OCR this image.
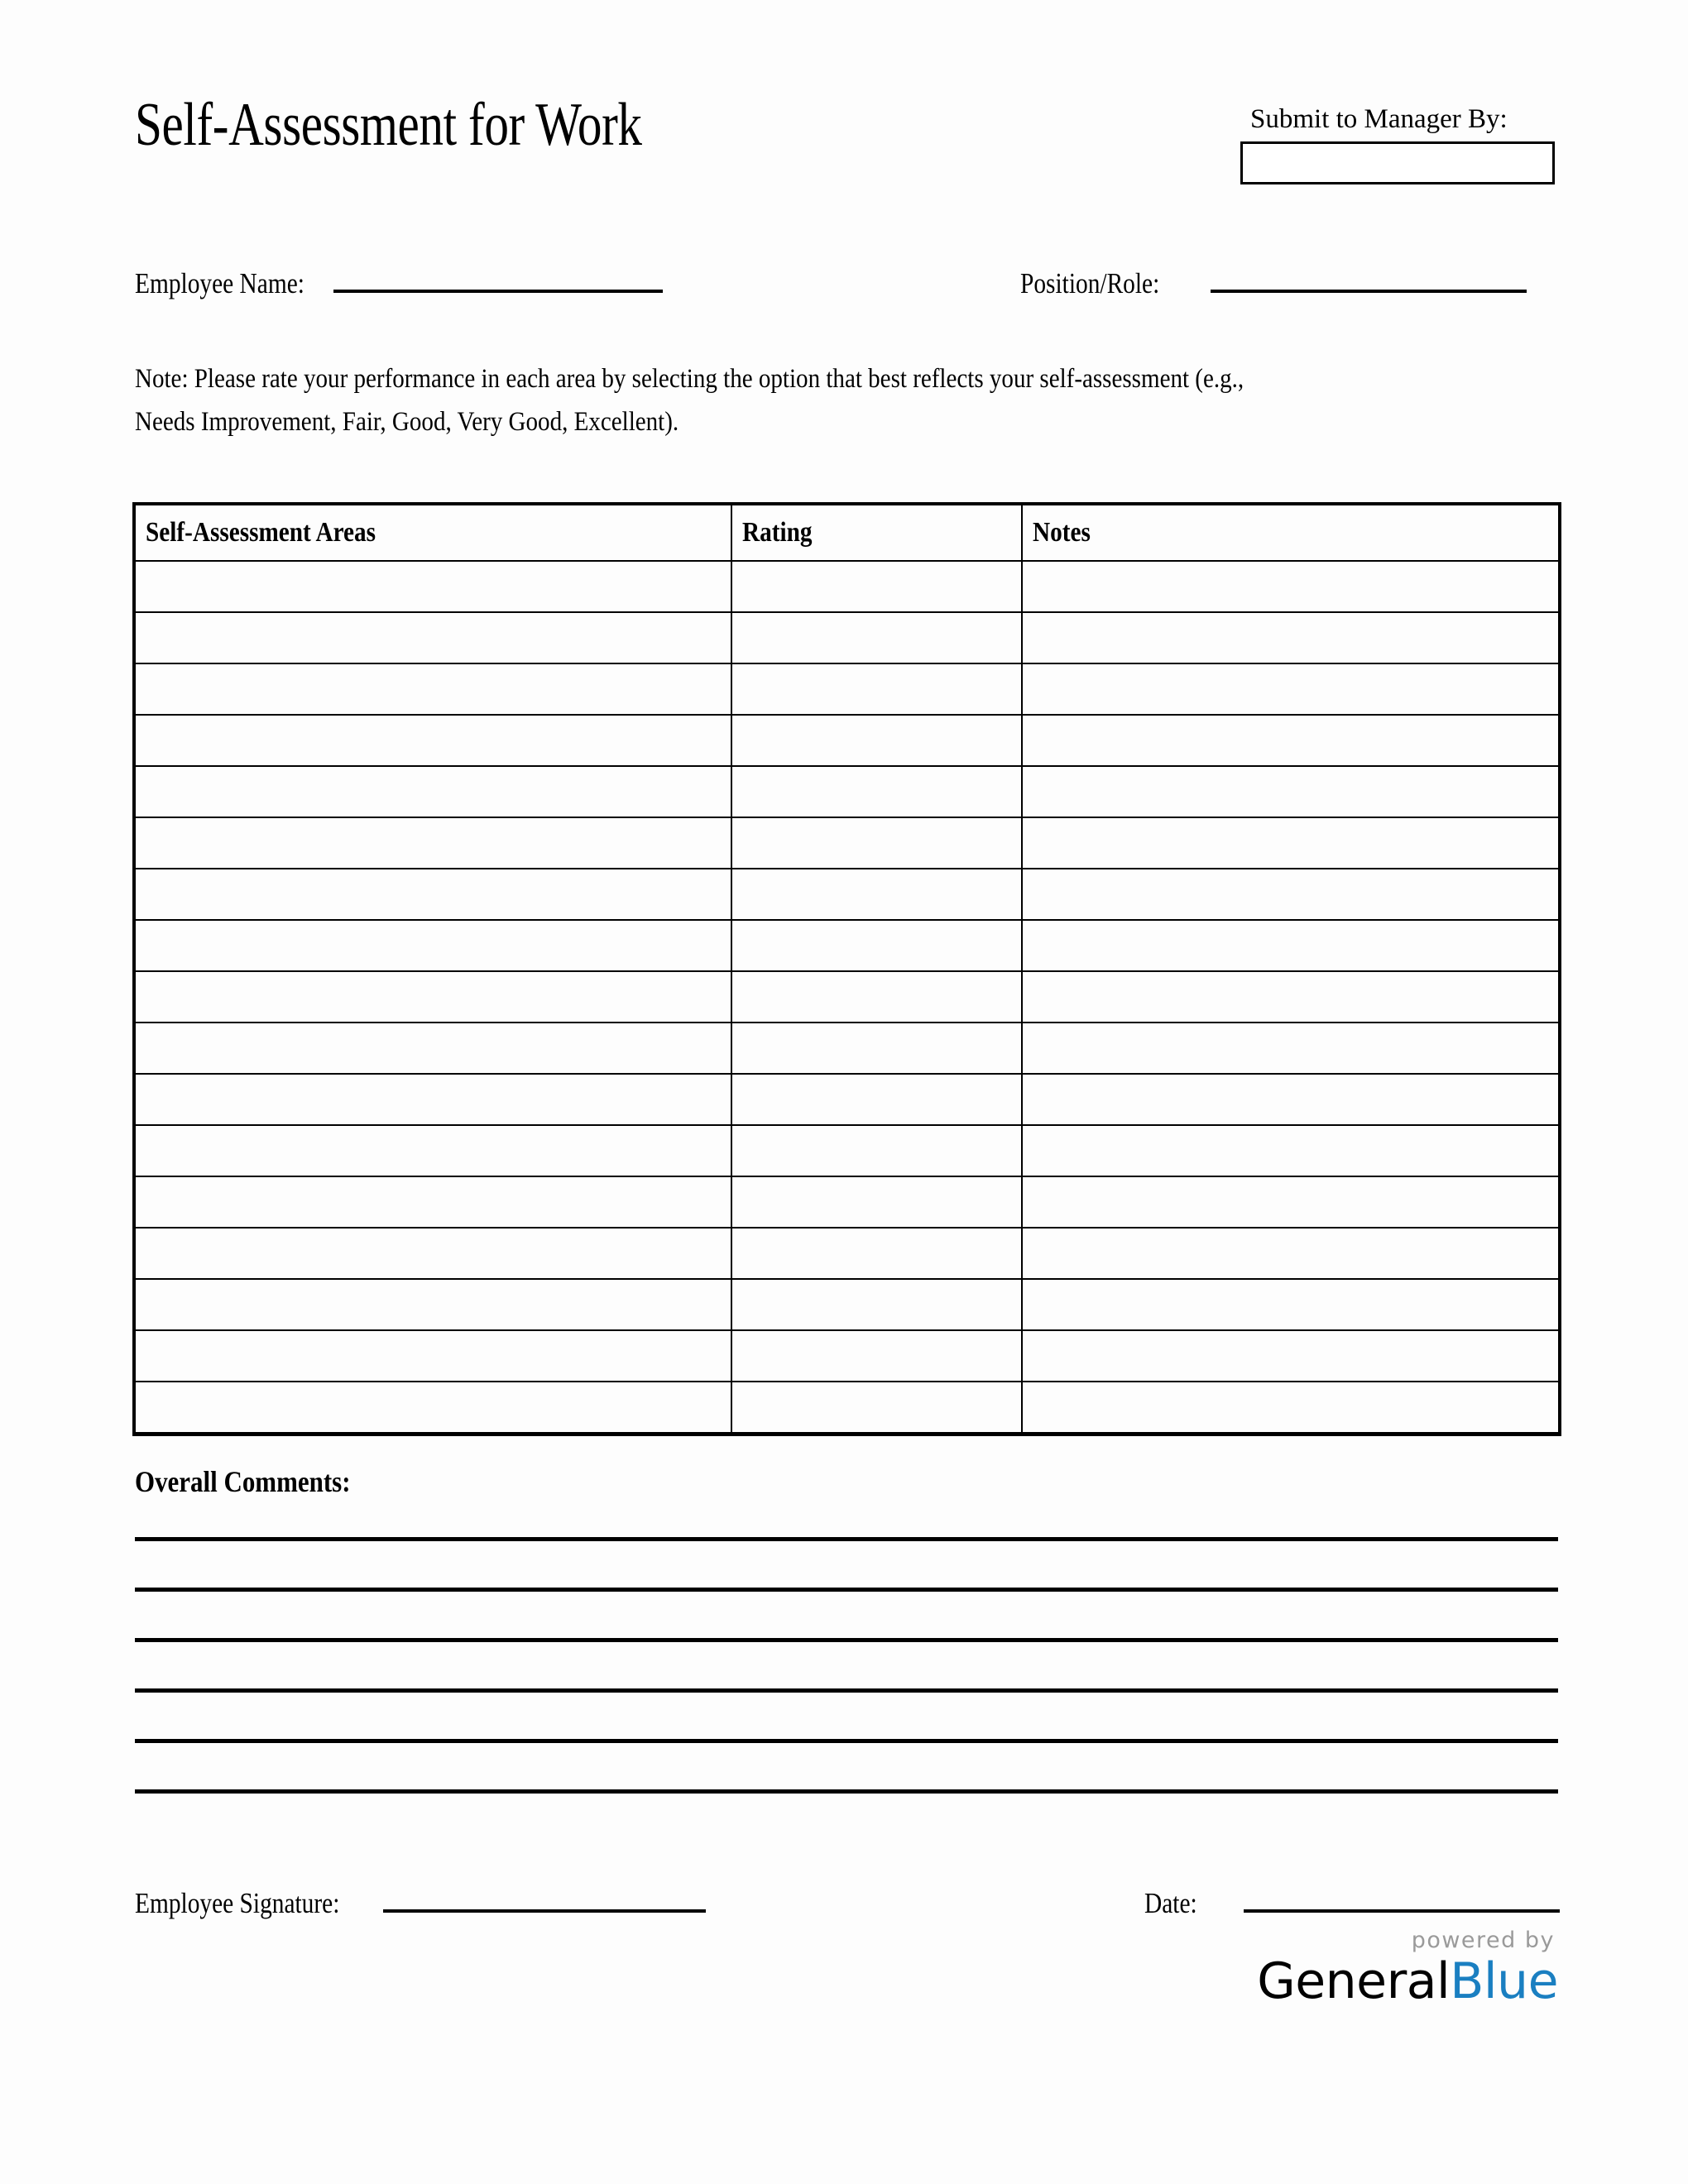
Self-Assessment for Work	Submit to Manager By:
Employee Name:	Position/Role:
Note: Please rate your performance in each area by selecting the option that best reflects your self-assessment (e.g., Needs Improvement, Fair, Good, Very Good, Excellent).
Self-Assessment Areas	Rating	Notes

Overall Comments:
Employee Signature:	Date:
powered by
GeneralBlue
